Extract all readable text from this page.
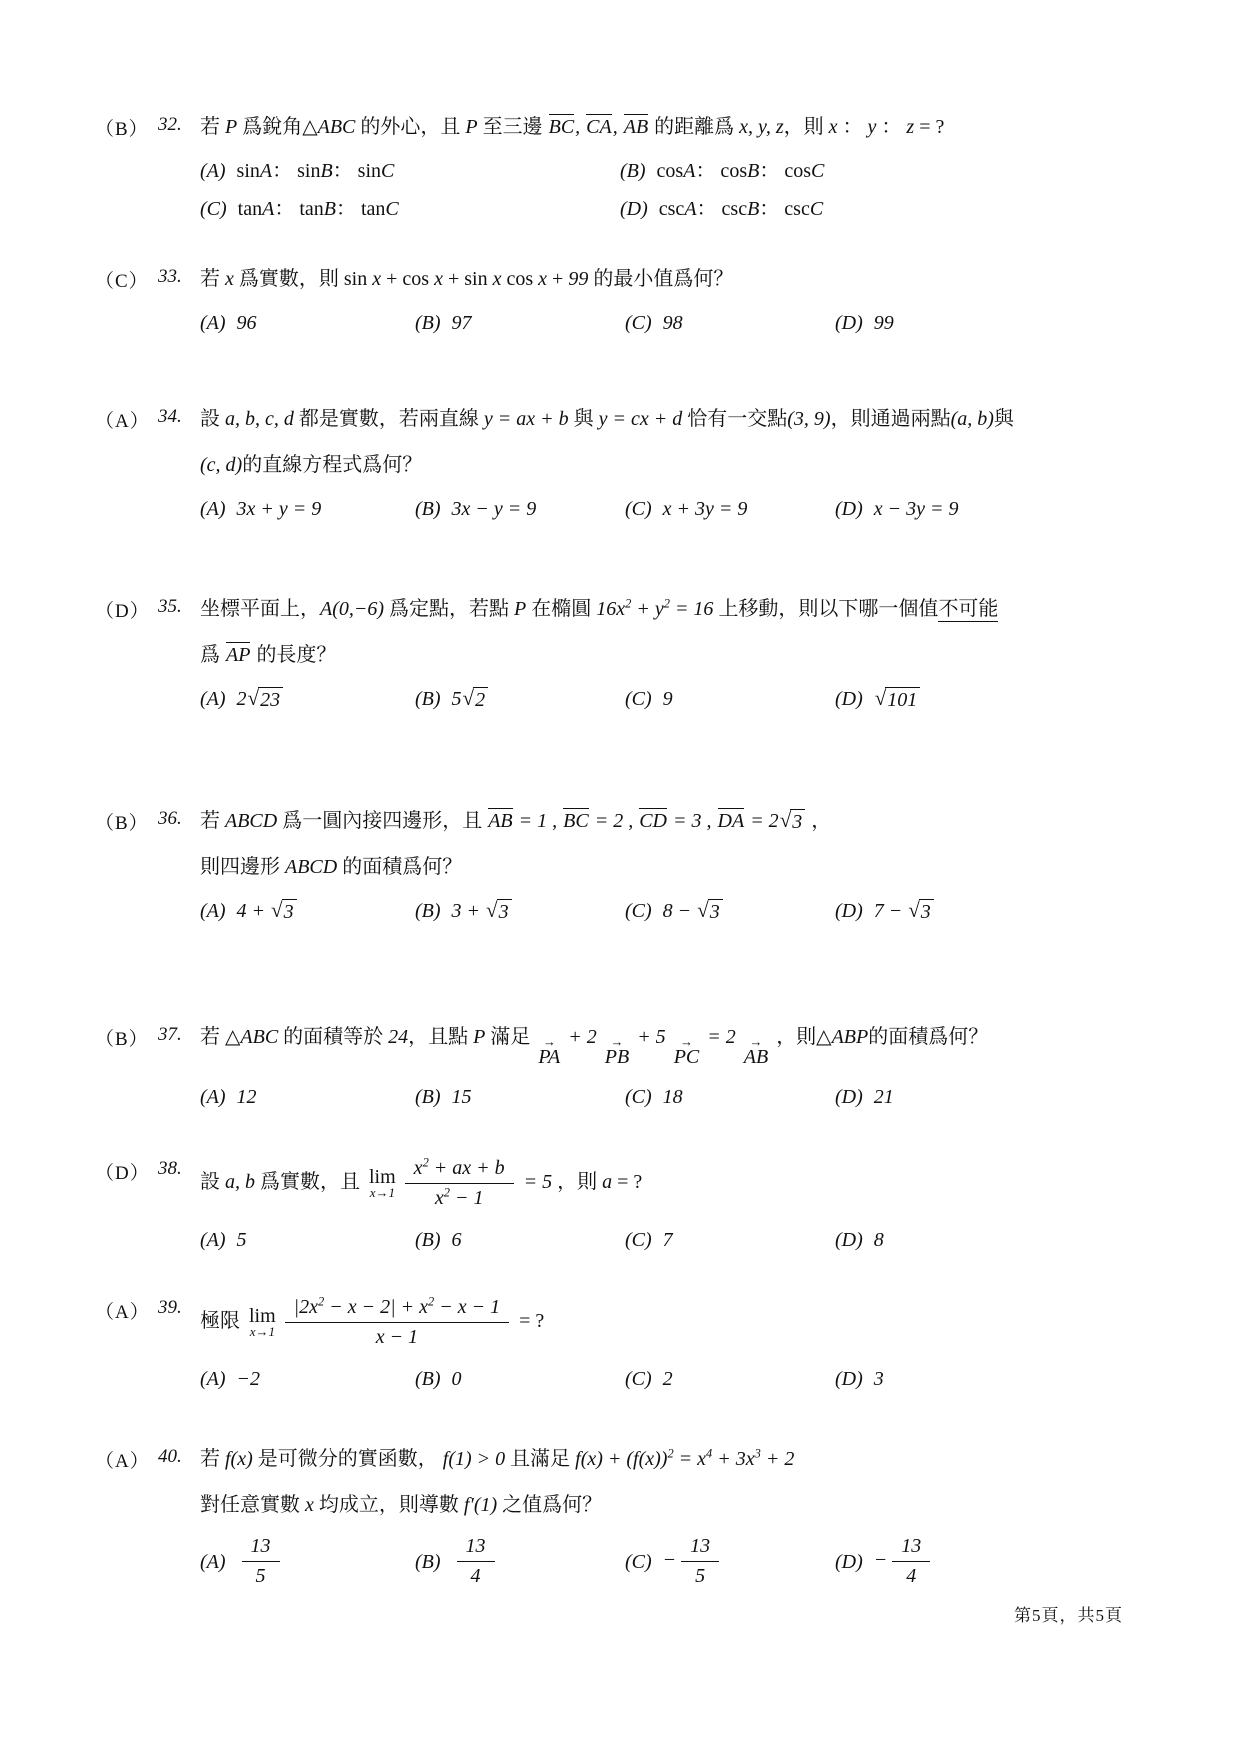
（B） 32. 若 P 爲銳角△ABC 的外心，且 P 至三邊 BC, CA, AB 的距離爲 x, y, z，則 x ： y ： z = ?
(A) sin A ： sin B ： sin C	(B) cos A ： cos B ： cos C
(C) tan A ： tan B ： tan C	(D) csc A ： csc B ： csc C
（C） 33. 若 x 爲實數，則 sin x + cos x + sin x cos x + 99 的最小值爲何？
(A) 96	(B) 97	(C) 98	(D) 99
（A） 34. 設 a, b, c, d 都是實數，若兩直線 y = ax + b 與 y = cx + d 恰有一交點(3, 9)，則通過兩點(a, b)與
(c, d)的直線方程式爲何？
(A) 3x + y = 9	(B) 3x − y = 9	(C) x + 3y = 9	(D) x − 3y = 9
（D） 35. 坐標平面上，A(0,−6) 爲定點，若點 P 在橢圓 $16x^2 + y^2 = 16$ 上移動，則以下哪一個值不可能
爲 AP 的長度？
(A) 2 √ 23	(B) 5 √ 2	(C) 9	(D) √ 101
（B） 36. 若 ABCD 爲一圓內接四邊形，且 AB = 1 , BC = 2 , CD = 3 , DA = 2 √ 3 ，
則四邊形 ABCD 的面積爲何？
(A) 4 + √ 3	(B) 3 + √ 3	(C) 8 − √ 3	(D) 7 − √ 3
（B） 37. 若 △ABC 的面積等於 24，且點 P 滿足 →
PA
+ 2 →
PB
+ 5 →
PC
= 2 →
AB
，則△ABP的面積爲何？
(A) 12	(B) 15	(C) 18	(D) 21
（D） 38.
設 a, b 爲實數，且 lim
$x\to 1 \frac{x^2 + ax + b}{x^2 - 1} = 5$ ，則 a = ?
(A) 5	(B) 6	(C) 7	(D) 8
（A） 39.
極限 lim
$x\to 1 \frac{|2x^2 - x - 2| + x^2 - x - 1}{x - 1}$ = ?
(A) −2	(B) 0	(C) 2	(D) 3
（A） 40. 若 f(x) 是可微分的實函數， f(1) > 0 且滿足 $f(x) + (f(x))^2 = x^4 + 3x^3 + 2$
對任意實數 x 均成立，則導數 f′(1) 之值爲何？
$(A) \frac{13}{5}$	$(B) \frac{13}{4}$	$(C) - \frac{13}{5}$	$(D) - \frac{13}{4}$
第5頁，共5頁
